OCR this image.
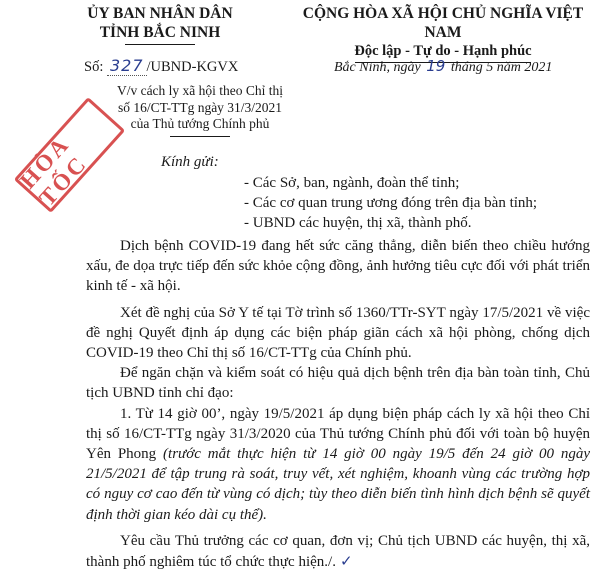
ỦY BAN NHÂN DÂN
TỈNH BẮC NINH
CỘNG HÒA XÃ HỘI CHỦ NGHĨA VIỆT NAM
Độc lập - Tự do - Hạnh phúc
Số: 327 /UBND-KGVX	Bắc Ninh, ngày 19 tháng 5 năm 2021
V/v cách ly xã hội theo Chỉ thị
số 16/CT-TTg ngày 31/3/2021
của Thủ tướng Chính phủ
HỎA TỐC	Kính gửi:
- Các Sở, ban, ngành, đoàn thể tỉnh;
- Các cơ quan trung ương đóng trên địa bàn tỉnh;
- UBND các huyện, thị xã, thành phố.

Dịch bệnh COVID-19 đang hết sức căng thẳng, diễn biến theo chiều hướng xấu, đe dọa trực tiếp đến sức khỏe cộng đồng, ảnh hưởng tiêu cực đối với phát triển kinh tế - xã hội.

Xét đề nghị của Sở Y tế tại Tờ trình số 1360/TTr-SYT ngày 17/5/2021 về việc đề nghị Quyết định áp dụng các biện pháp giãn cách xã hội phòng, chống dịch COVID-19 theo Chỉ thị số 16/CT-TTg của Chính phủ.

Để ngăn chặn và kiểm soát có hiệu quả dịch bệnh trên địa bàn toàn tỉnh, Chủ tịch UBND tỉnh chỉ đạo:

1. Từ 14 giờ 00’, ngày 19/5/2021 áp dụng biện pháp cách ly xã hội theo Chỉ thị số 16/CT-TTg ngày 31/3/2020 của Thủ tướng Chính phủ đối với toàn bộ huyện Yên Phong (trước mắt thực hiện từ 14 giờ 00 ngày 19/5 đến 24 giờ 00 ngày 21/5/2021 để tập trung rà soát, truy vết, xét nghiệm, khoanh vùng các trường hợp có nguy cơ cao đến từ vùng có dịch; tùy theo diễn biến tình hình dịch bệnh sẽ quyết định thời gian kéo dài cụ thể).

Yêu cầu Thủ trưởng các cơ quan, đơn vị; Chủ tịch UBND các huyện, thị xã, thành phố nghiêm túc tổ chức thực hiện./. ✓
